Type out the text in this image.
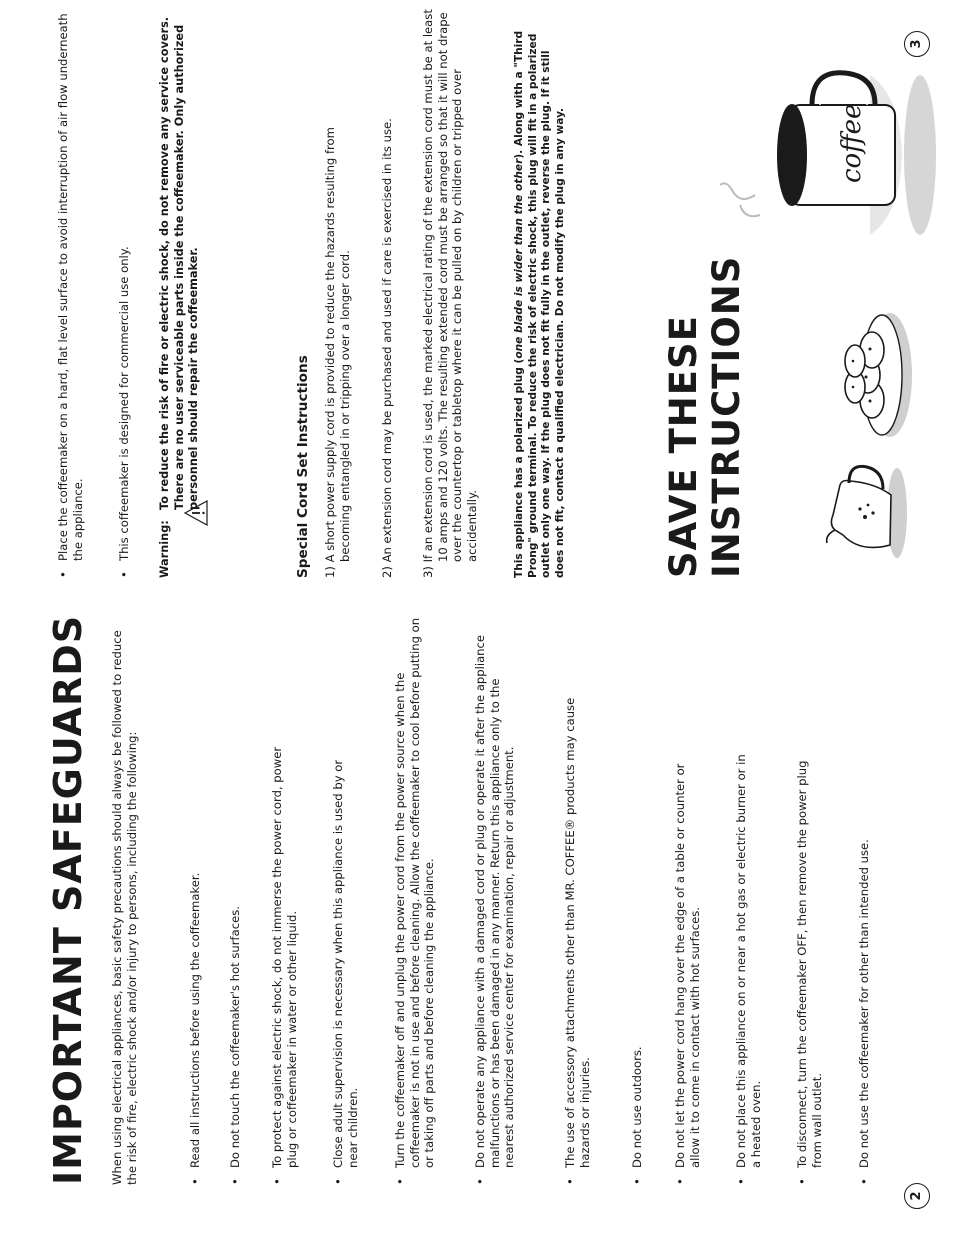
IMPORTANT SAFEGUARDS When using electrical appliances, basic safety precautions should always be followed to reduce the risk of fire, electric shock and/or injury to persons, including the following:	•
Read all instructions before using the coffeemaker.
•
Do not touch the coffeemaker's hot surfaces.
•
To protect against electric shock, do not immerse the power cord, power plug or coffeemaker in water or other liquid.
•
Close adult supervision is necessary when this appliance is used by or near children.
•
Turn the coffeemaker off and unplug the power cord from the power source when the coffeemaker is not in use and before cleaning. Allow the coffeemaker to cool before putting on or taking off parts and before cleaning the appliance.
•
Do not operate any appliance with a damaged cord or plug or operate it after the appliance malfunctions or has been damaged in any manner. Return this appliance only to the nearest authorized service center for examination, repair or adjustment.
•
The use of accessory attachments other than MR. COFFEE® products may cause hazards or injuries.
•
Do not use outdoors.
•
Do not let the power cord hang over the edge of a table or counter or allow it to come in contact with hot surfaces.
•
Do not place this appliance on or near a hot gas or electric burner or in a heated oven.
•
To disconnect, turn the coffeemaker OFF, then remove the power plug from wall outlet.
•
Do not use the coffeemaker for other than intended use.
2
•
Place the coffeemaker on a hard, flat level surface to avoid interruption of air flow underneath the appliance.
•
This coffeemaker is designed for commercial use only. Warning:
To reduce the risk of fire or electric shock, do not remove any service covers. There are no user serviceable parts inside the coffeemaker. Only authorized personnel should repair the coffeemaker.	Special Cord Set Instructions 1) A short power supply cord is provided to reduce the hazards resulting from becoming entangled in or tripping over a longer cord. 2) An extension cord may be purchased and used if care is exercised in its use. 3) If an extension cord is used, the marked electrical rating of the extension cord must be at least 10 amps and 120 volts. The resulting extended cord must be arranged so that it will not drape over the countertop or tabletop where it can be pulled on by children or tripped over accidentally.	This appliance has a polarized plug (one blade is wider than the other). Along with a "Third Prong" ground terminal. To reduce the risk of electric shock, this plug will fit in a polarized outlet only one way. If the plug does not fit fully in the outlet, reverse the plug. If it still does not fit, contact a qualified electrician. Do not modify the plug in any way.	SAVE THESE INSTRUCTIONS
coffee
3
